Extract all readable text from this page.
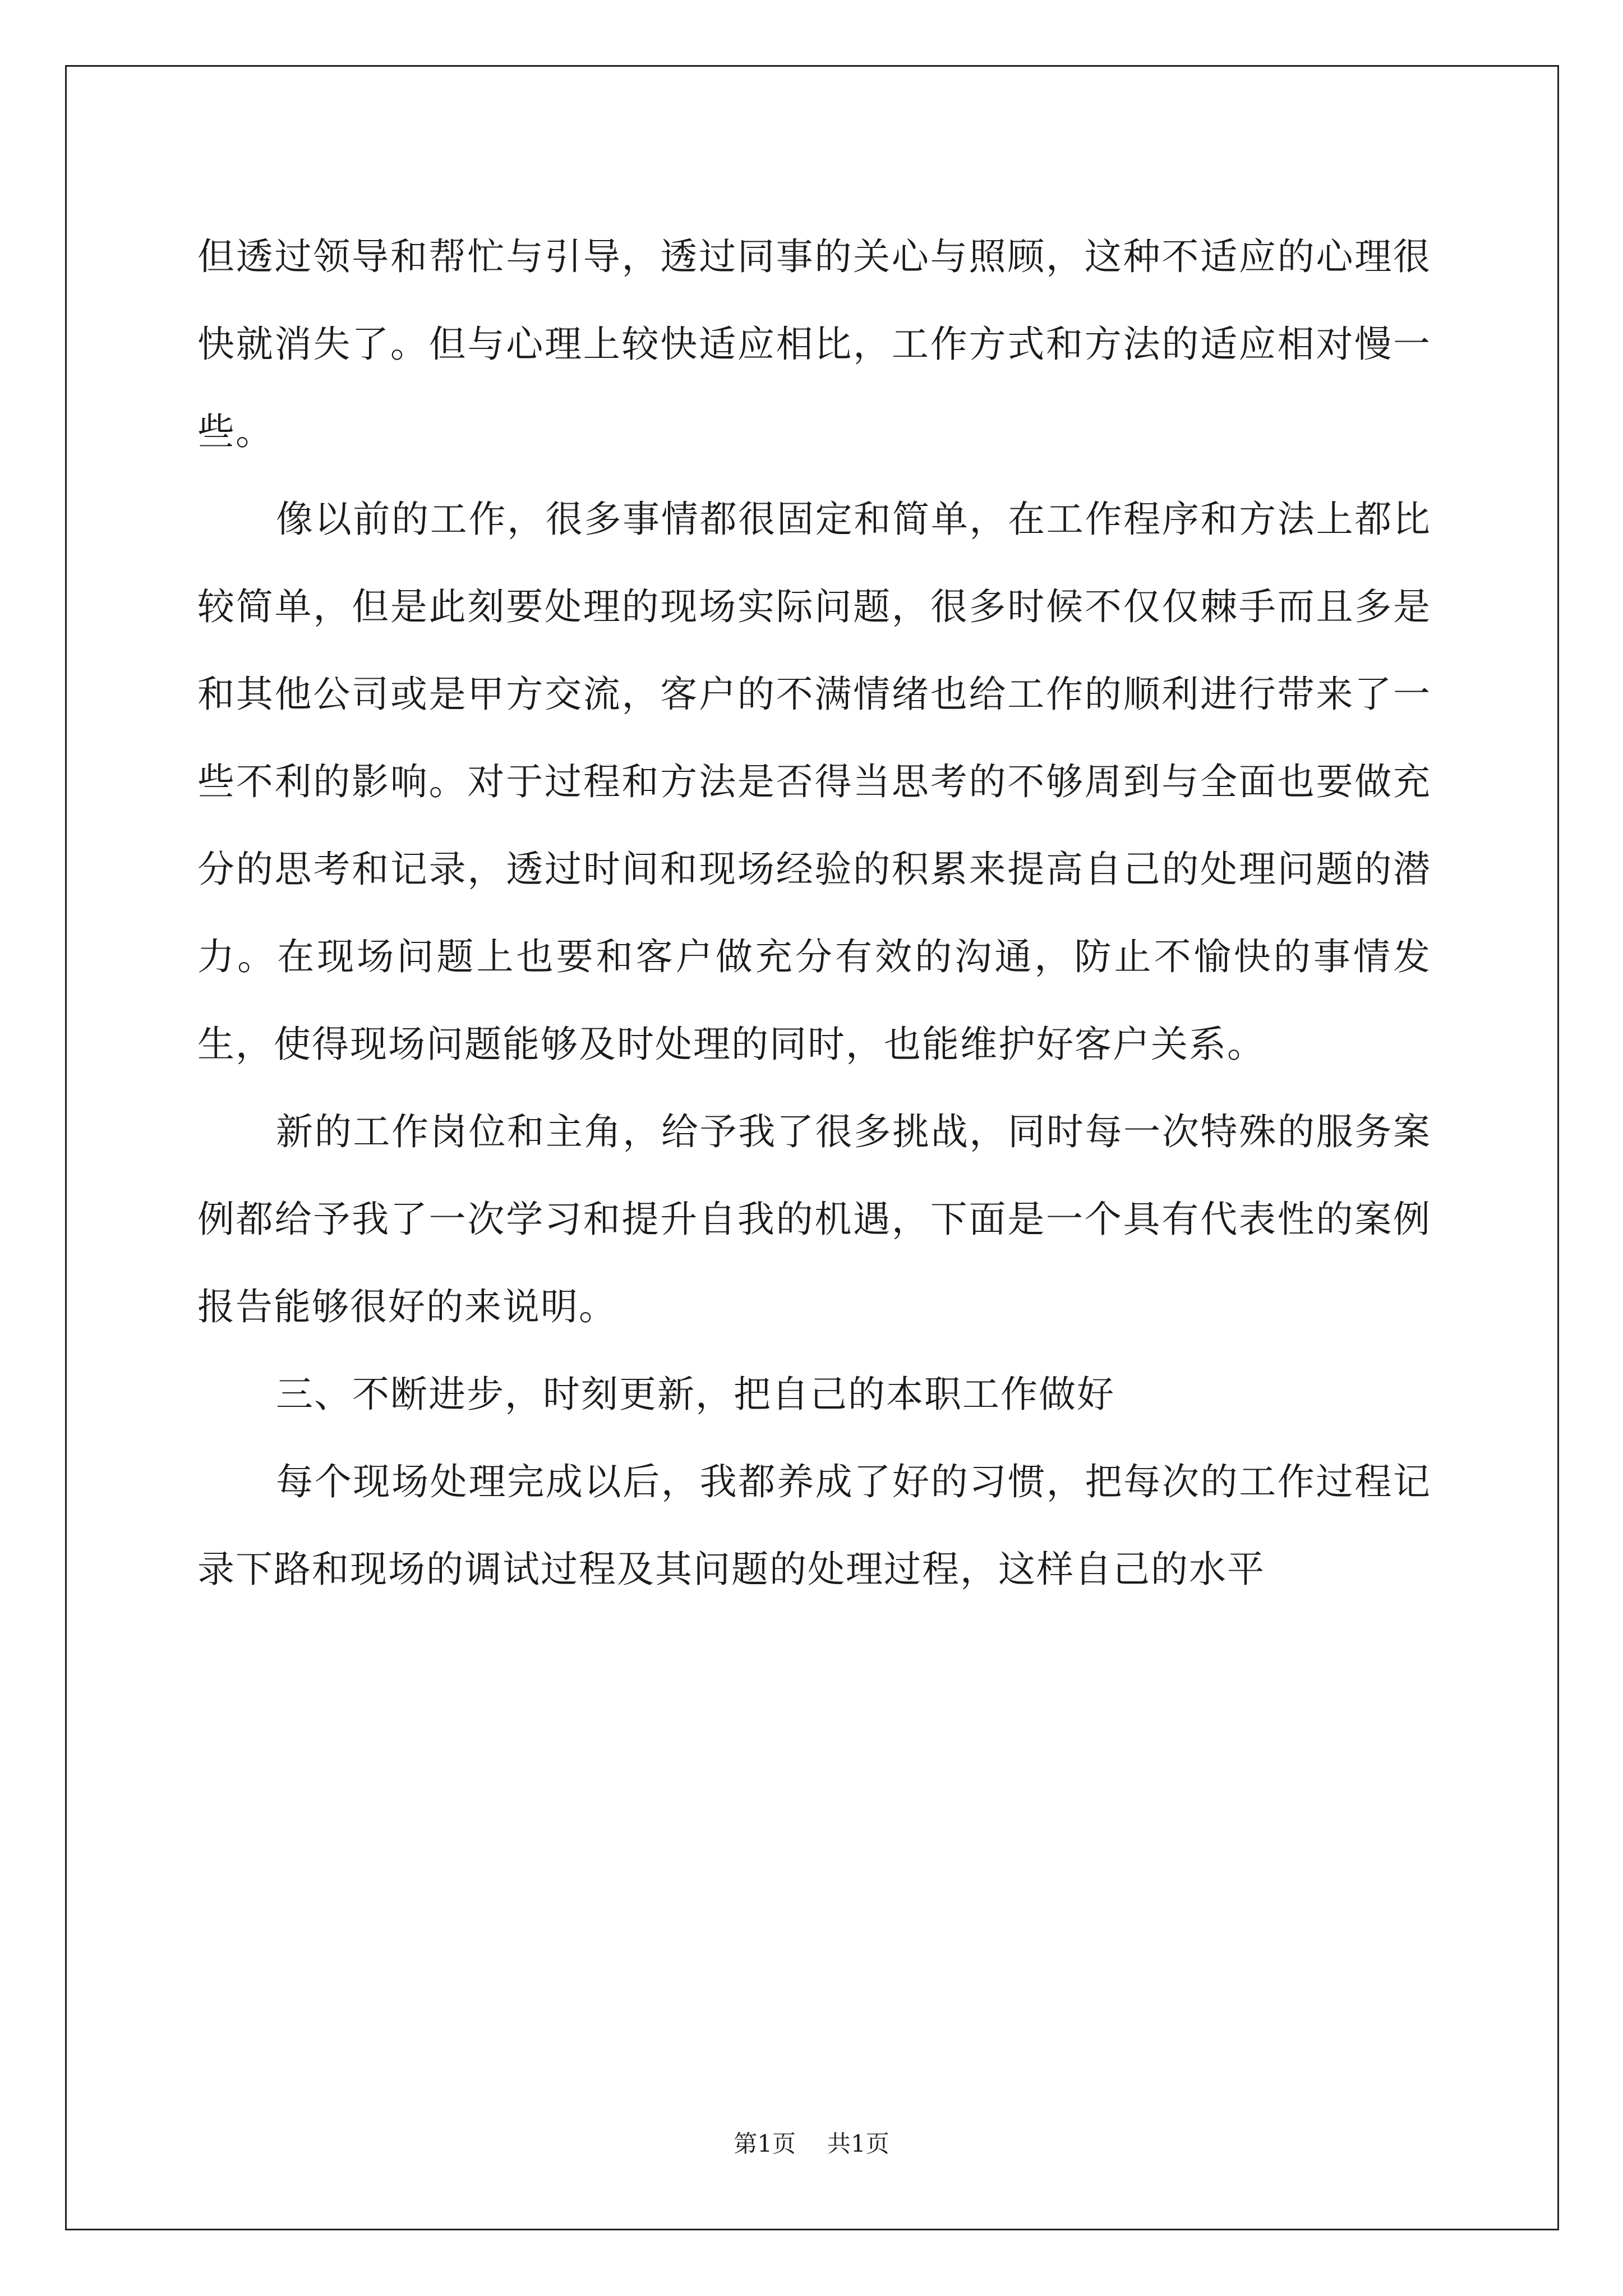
但透过领导和帮忙与引导，透过同事的关心与照顾，这种不适应的心理很快就消失了。但与心理上较快适应相比，工作方式和方法的适应相对慢一些。

像以前的工作，很多事情都很固定和简单，在工作程序和方法上都比较简单，但是此刻要处理的现场实际问题，很多时候不仅仅棘手而且多是和其他公司或是甲方交流，客户的不满情绪也给工作的顺利进行带来了一些不利的影响。对于过程和方法是否得当思考的不够周到与全面也要做充分的思考和记录，透过时间和现场经验的积累来提高自己的处理问题的潜力。在现场问题上也要和客户做充分有效的沟通，防止不愉快的事情发生，使得现场问题能够及时处理的同时，也能维护好客户关系。

新的工作岗位和主角，给予我了很多挑战，同时每一次特殊的服务案例都给予我了一次学习和提升自我的机遇，下面是一个具有代表性的案例报告能够很好的来说明。

三、不断进步，时刻更新，把自己的本职工作做好

每个现场处理完成以后，我都养成了好的习惯，把每次的工作过程记录下路和现场的调试过程及其问题的处理过程，这样自己的水平

第1页 共1页
